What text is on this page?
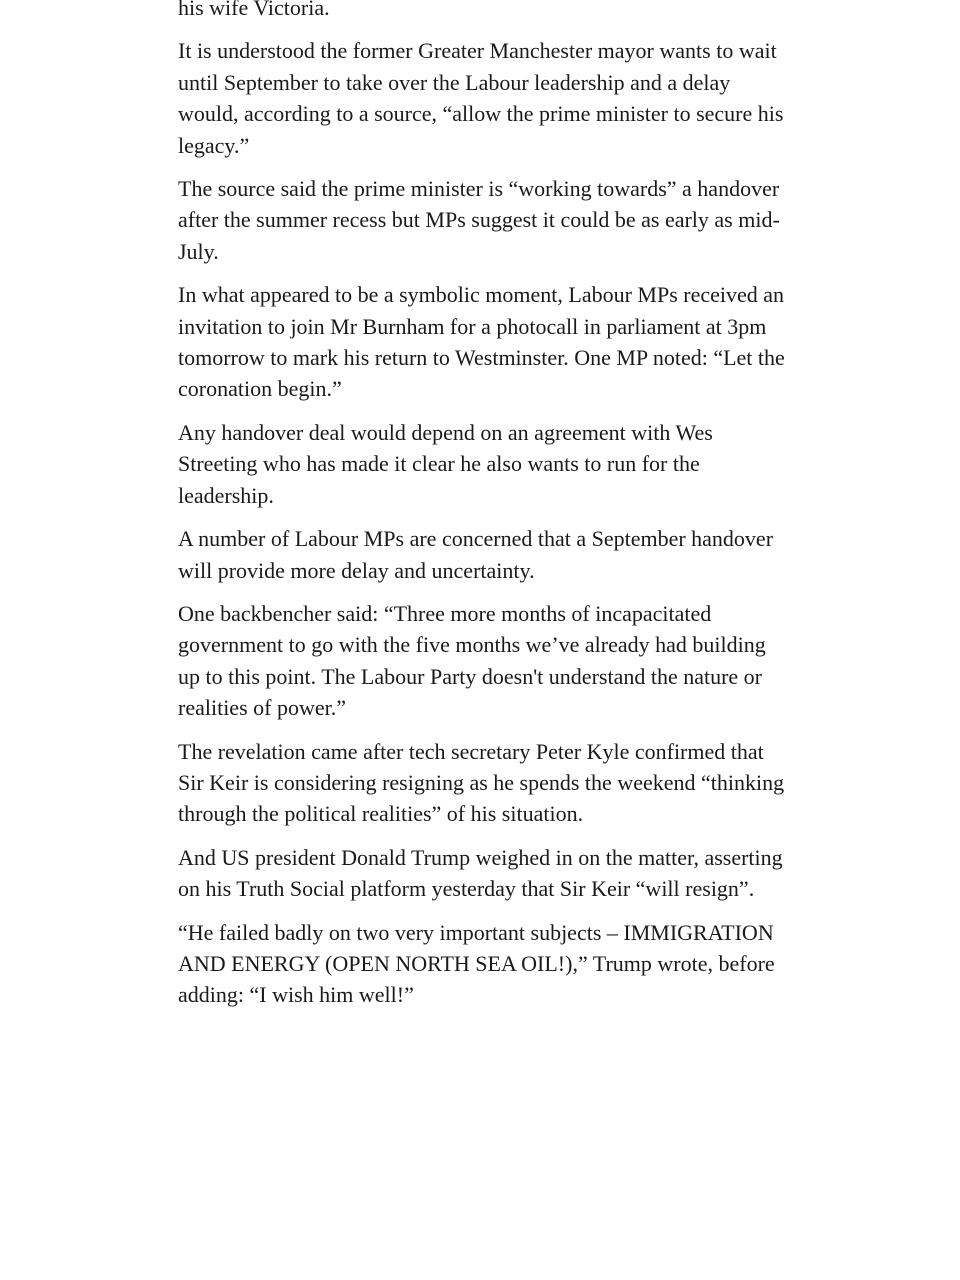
his wife Victoria.

It is understood the former Greater Manchester mayor wants to wait until September to take over the Labour leadership and a delay would, according to a source, “allow the prime minister to secure his legacy.”

The source said the prime minister is “working towards” a handover after the summer recess but MPs suggest it could be as early as mid-July.

In what appeared to be a symbolic moment, Labour MPs received an invitation to join Mr Burnham for a photocall in parliament at 3pm tomorrow to mark his return to Westminster. One MP noted: “Let the coronation begin.”

Any handover deal would depend on an agreement with Wes Streeting who has made it clear he also wants to run for the leadership.

A number of Labour MPs are concerned that a September handover will provide more delay and uncertainty.

One backbencher said: “Three more months of incapacitated government to go with the five months we’ve already had building up to this point. The Labour Party doesn't understand the nature or realities of power.”

The revelation came after tech secretary Peter Kyle confirmed that Sir Keir is considering resigning as he spends the weekend “thinking through the political realities” of his situation.

And US president Donald Trump weighed in on the matter, asserting on his Truth Social platform yesterday that Sir Keir “will resign”.

“He failed badly on two very important subjects – IMMIGRATION AND ENERGY (OPEN NORTH SEA OIL!),” Trump wrote, before adding: “I wish him well!”
